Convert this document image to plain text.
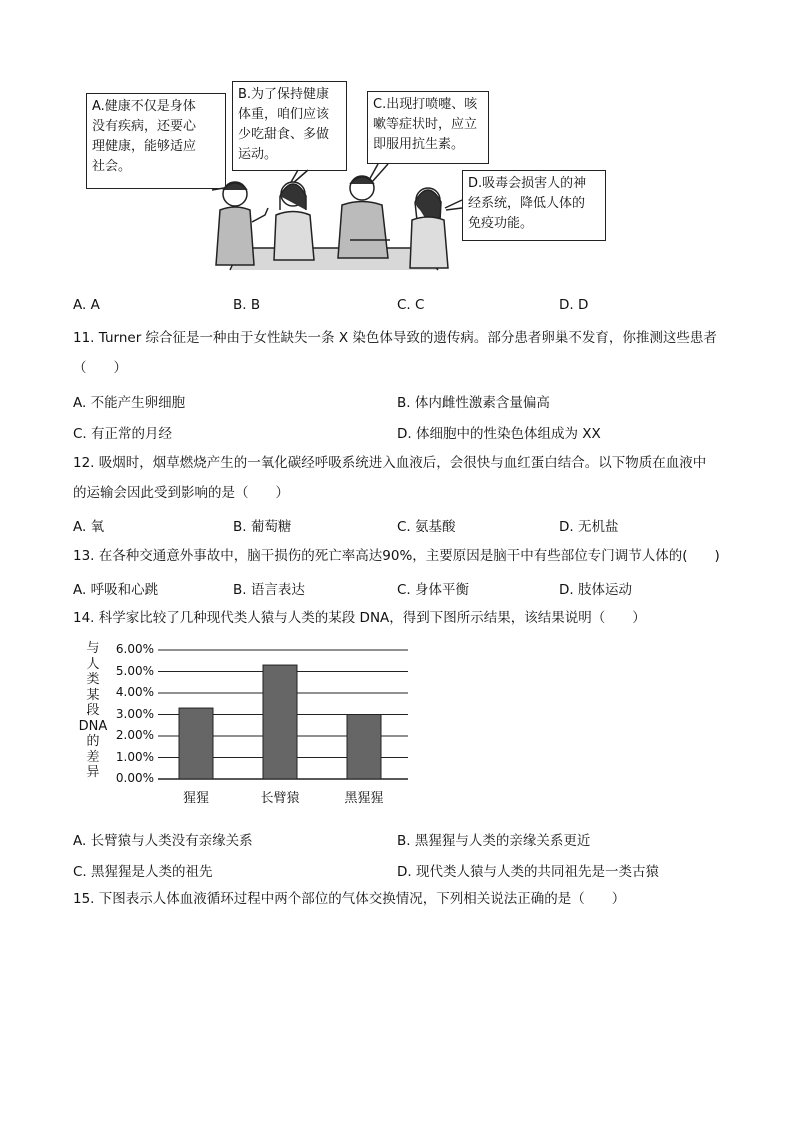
A.健康不仅是身体
没有疾病，还要心
理健康，能够适应
社会。
B.为了保持健康
体重，咱们应该
少吃甜食、多做
运动。
C.出现打喷嚏、咳
嗽等症状时，应立
即服用抗生素。
D.吸毒会损害人的神
经系统，降低人体的
免疫功能。
A. A	B. B	C. C	D. D
11. Turner 综合征是一种由于女性缺失一条 X 染色体导致的遗传病。部分患者卵巢不发育，你推测这些患者
（　　）
A. 不能产生卵细胞	B. 体内雌性激素含量偏高
C. 有正常的月经	D. 体细胞中的性染色体组成为 XX
12. 吸烟时，烟草燃烧产生的一氧化碳经呼吸系统进入血液后，会很快与血红蛋白结合。以下物质在血液中
的运输会因此受到影响的是（　　）
A. 氧	B. 葡萄糖	C. 氨基酸	D. 无机盐
13. 在各种交通意外事故中，脑干损伤的死亡率高达90%，主要原因是脑干中有些部位专门调节人体的(　　)
A. 呼吸和心跳	B. 语言表达	C. 身体平衡	D. 肢体运动
14. 科学家比较了几种现代类人猿与人类的某段 DNA，得到下图所示结果，该结果说明（　　）
与
人
类
某
段
DNA
的
差
异
6.00%
5.00%
4.00%
3.00%
2.00%
1.00%
0.00%
猩猩	长臂猿	黑猩猩
A. 长臂猿与人类没有亲缘关系	B. 黑猩猩与人类的亲缘关系更近
C. 黑猩猩是人类的祖先	D. 现代类人猿与人类的共同祖先是一类古猿
15. 下图表示人体血液循环过程中两个部位的气体交换情况，下列相关说法正确的是（　　）
